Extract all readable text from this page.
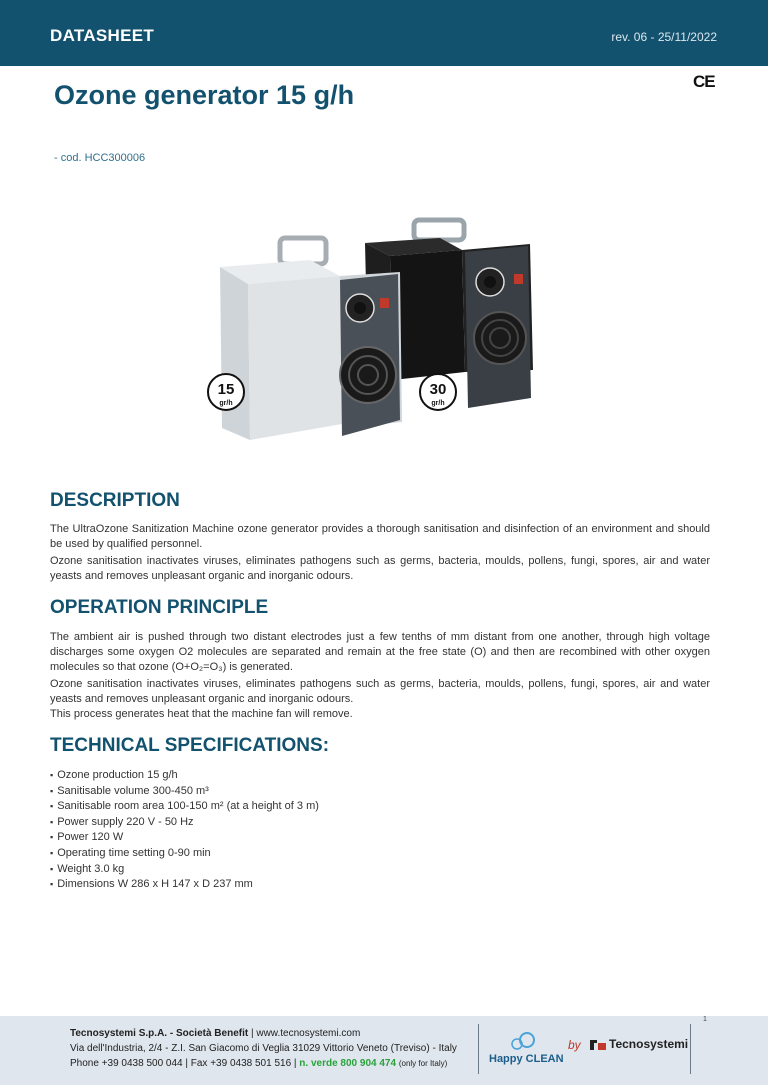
DATASHEET	rev. 06 - 25/11/2022
Ozone generator 15 g/h	CE
- cod. HCC300006
15
gr/h
30
gr/h
DESCRIPTION

The UltraOzone Sanitization Machine ozone generator provides a thorough sanitisation and disinfection of an environment and should be used by qualified personnel.

Ozone sanitisation inactivates viruses, eliminates pathogens such as germs, bacteria, moulds, pollens, fungi, spores, air and water yeasts and removes unpleasant organic and inorganic odours.

OPERATION PRINCIPLE

The ambient air is pushed through two distant electrodes just a few tenths of mm distant from one another, through high voltage discharges some oxygen O2 molecules are separated and remain at the free state (O) and then are recombined with other oxygen molecules so that ozone (O+O₂=O₃) is generated.

Ozone sanitisation inactivates viruses, eliminates pathogens such as germs, bacteria, moulds, pollens, fungi, spores, air and water yeasts and removes unpleasant organic and inorganic odours.

This process generates heat that the machine fan will remove.

TECHNICAL SPECIFICATIONS:
▪ Ozone production 15 g/h
▪ Sanitisable volume 300-450 m³
▪ Sanitisable room area 100-150 m² (at a height of 3 m)
▪ Power supply 220 V - 50 Hz
▪ Power 120 W
▪ Operating time setting 0-90 min
▪ Weight 3.0 kg
▪ Dimensions W 286 x H 147 x D 237 mm
Tecnosystemi S.p.A. - Società Benefit | www.tecnosystemi.com
Via dell'Industria, 2/4 - Z.I. San Giacomo di Veglia 31029 Vittorio Veneto (Treviso) - Italy
Phone +39 0438 500 044 | Fax +39 0438 501 516 | n. verde 800 904 474 (only for Italy)	Happy CLEAN
by Tecnosystemi
1
